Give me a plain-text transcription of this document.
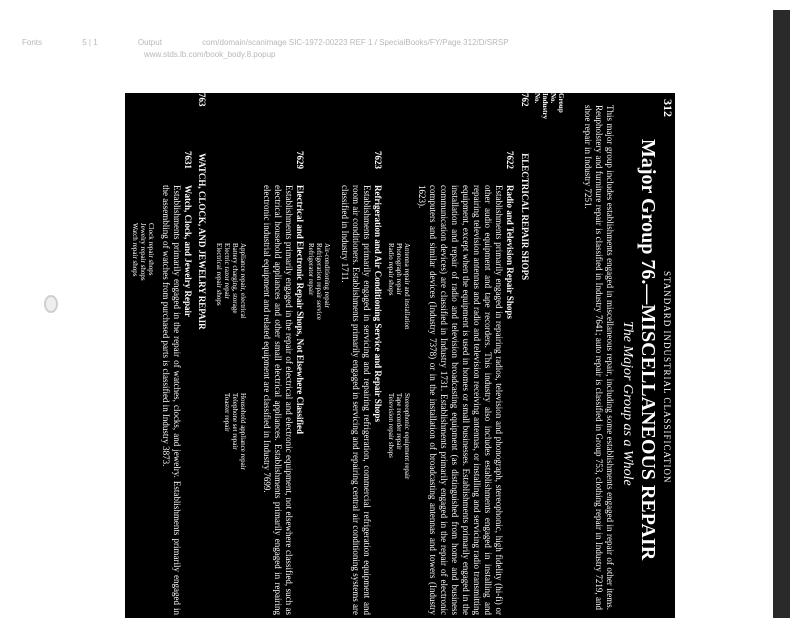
Fonts	5 | 1	Output	com/domain/scanimage SIC-1972-00223 REF 1 / SpecialBooks/FY/Page 312/D/SRSP
www.stds.lb.com/book_body.8.popup
312
STANDARD INDUSTRIAL CLASSIFICATION
Major Group 76.—MISCELLANEOUS REPAIR
The Major Group as a Whole
This major group includes establishments engaged in miscellaneous repair, including some establishments engaged in repair of other items. Reupholstery and furniture repair is classified in Industry 7641; auto repair is classified in Group 753, clothing repair in Industry 7219, and shoe repair in Industry 7251.
Group
No.
Industry
No.
762 ELECTRICAL REPAIR SHOPS
7622
Radio and Television Repair Shops
Establishments primarily engaged in repairing radios, television and phonograph, stereophonic, high fidelity (hi-fi) or other audio equipment and tape recorders. This industry also includes establishments engaged in installing and repairing television antennas and radio and television receiving antennas, or installing and servicing radio transmitting equipment, except when the equipment is used in homes or small businesses. Establishments primarily engaged in the installation and repair of radio and television broadcasting equipment (as distinguished from home and business communication devices) are classified in Industry 1731. Establishments primarily engaged in the repair of electronic computers and similar devices (Industry 7378) or in the installation of broadcasting antennas and towers (Industry 1623).
Antenna repair and installation
Phonograph repair
Radio repair shops
Stereophonic equipment repair
Tape recorder repair
Television repair shops
7623
Refrigeration and Air Conditioning Service and Repair Shops
Establishments primarily engaged in servicing and repairing refrigeration, commercial refrigeration equipment and room air conditioners. Establishments primarily engaged in servicing and repairing central air conditioning systems are classified in Industry 1711.
Air-conditioning repair
Refrigeration repair service
Refrigerator repair
7629
Electrical and Electronic Repair Shops, Not Elsewhere Classified
Establishments primarily engaged in the repair of electrical and electronic equipment, not elsewhere classified, such as electrical household appliances and other small electrical appliances. Establishments primarily engaged in repairing electronic industrial equipment and related equipment are classified in Industry 7699.
Appliance repair, electrical
Battery charging, storage
Electric razor repair
Electrical repair shops
Household appliance repair
Telephone set repair
Toaster repair
763 WATCH, CLOCK, AND JEWELRY REPAIR
7631
Watch, Clock, and Jewelry Repair
Establishments primarily engaged in the repair of watches, clocks, and jewelry. Establishments primarily engaged in the assembling of watches from purchased parts is classified in Industry 3873.
Clock repair shops
Jewelry repair shops
Watch repair shops
